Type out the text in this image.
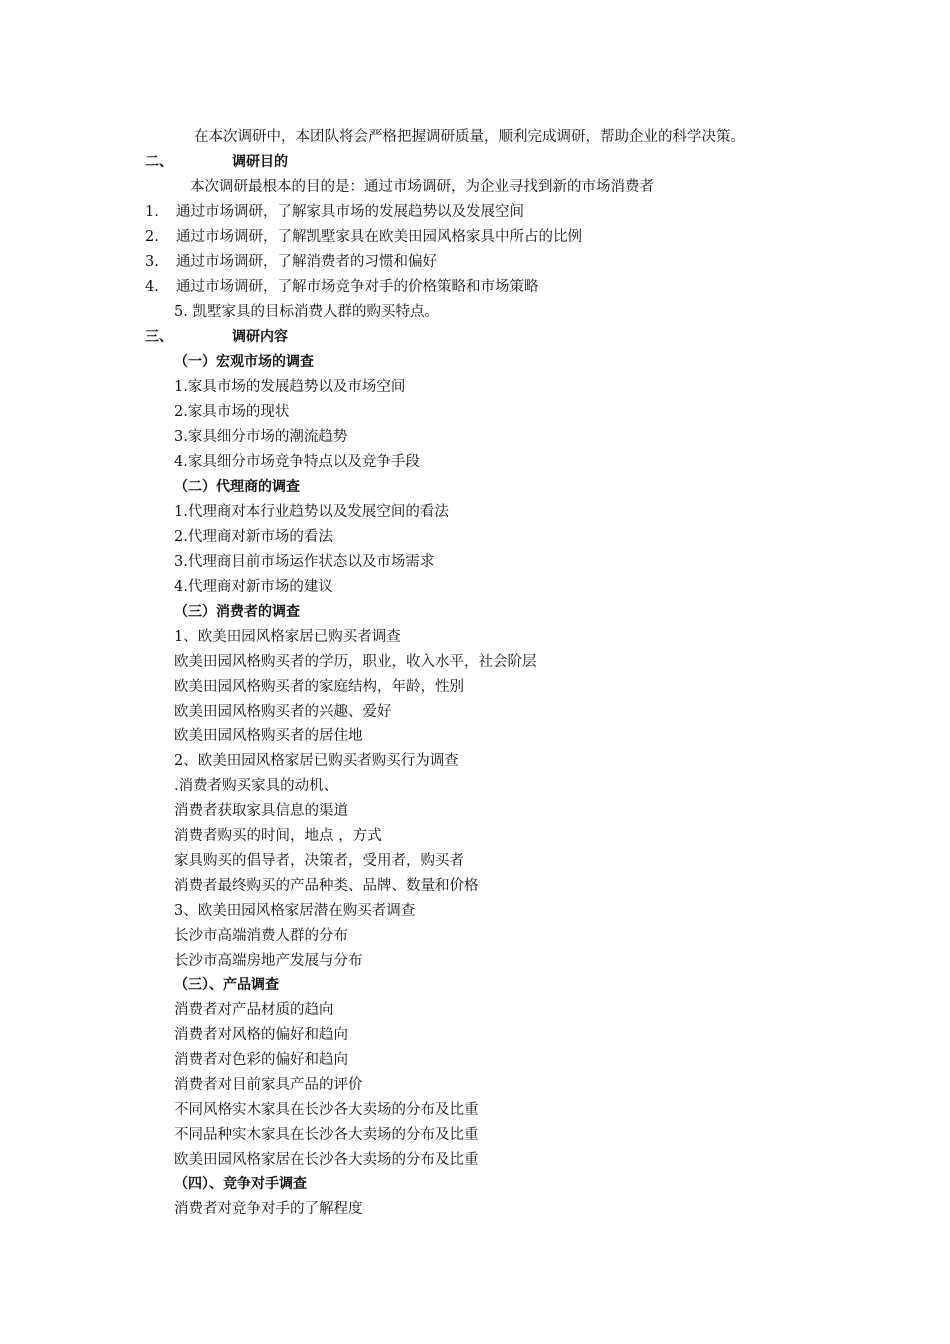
在本次调研中，本团队将会严格把握调研质量，顺利完成调研，帮助企业的科学决策。
二、	调研目的
本次调研最根本的目的是：通过市场调研，为企业寻找到新的市场消费者
1. 通过市场调研，了解家具市场的发展趋势以及发展空间
2. 通过市场调研，了解凯墅家具在欧美田园风格家具中所占的比例
3. 通过市场调研，了解消费者的习惯和偏好
4. 通过市场调研，了解市场竞争对手的价格策略和市场策略
5. 凯墅家具的目标消费人群的购买特点。
三、	调研内容
（一）宏观市场的调查
1.家具市场的发展趋势以及市场空间
2.家具市场的现状
3.家具细分市场的潮流趋势
4.家具细分市场竞争特点以及竞争手段
（二）代理商的调查
1.代理商对本行业趋势以及发展空间的看法
2.代理商对新市场的看法
3.代理商目前市场运作状态以及市场需求
4.代理商对新市场的建议
（三）消费者的调查
1、欧美田园风格家居已购买者调查
欧美田园风格购买者的学历，职业，收入水平，社会阶层
欧美田园风格购买者的家庭结构，年龄，性别
欧美田园风格购买者的兴趣、爱好
欧美田园风格购买者的居住地
2、欧美田园风格家居已购买者购买行为调查
.消费者购买家具的动机、
消费者获取家具信息的渠道
消费者购买的时间，地点 ，方式
家具购买的倡导者，决策者，受用者，购买者
消费者最终购买的产品种类、品牌、数量和价格
3、欧美田园风格家居潜在购买者调查
长沙市高端消费人群的分布
长沙市高端房地产发展与分布
（三）、产品调查
消费者对产品材质的趋向
消费者对风格的偏好和趋向
消费者对色彩的偏好和趋向
消费者对目前家具产品的评价
不同风格实木家具在长沙各大卖场的分布及比重
不同品种实木家具在长沙各大卖场的分布及比重
欧美田园风格家居在长沙各大卖场的分布及比重
（四）、竞争对手调查
消费者对竞争对手的了解程度
